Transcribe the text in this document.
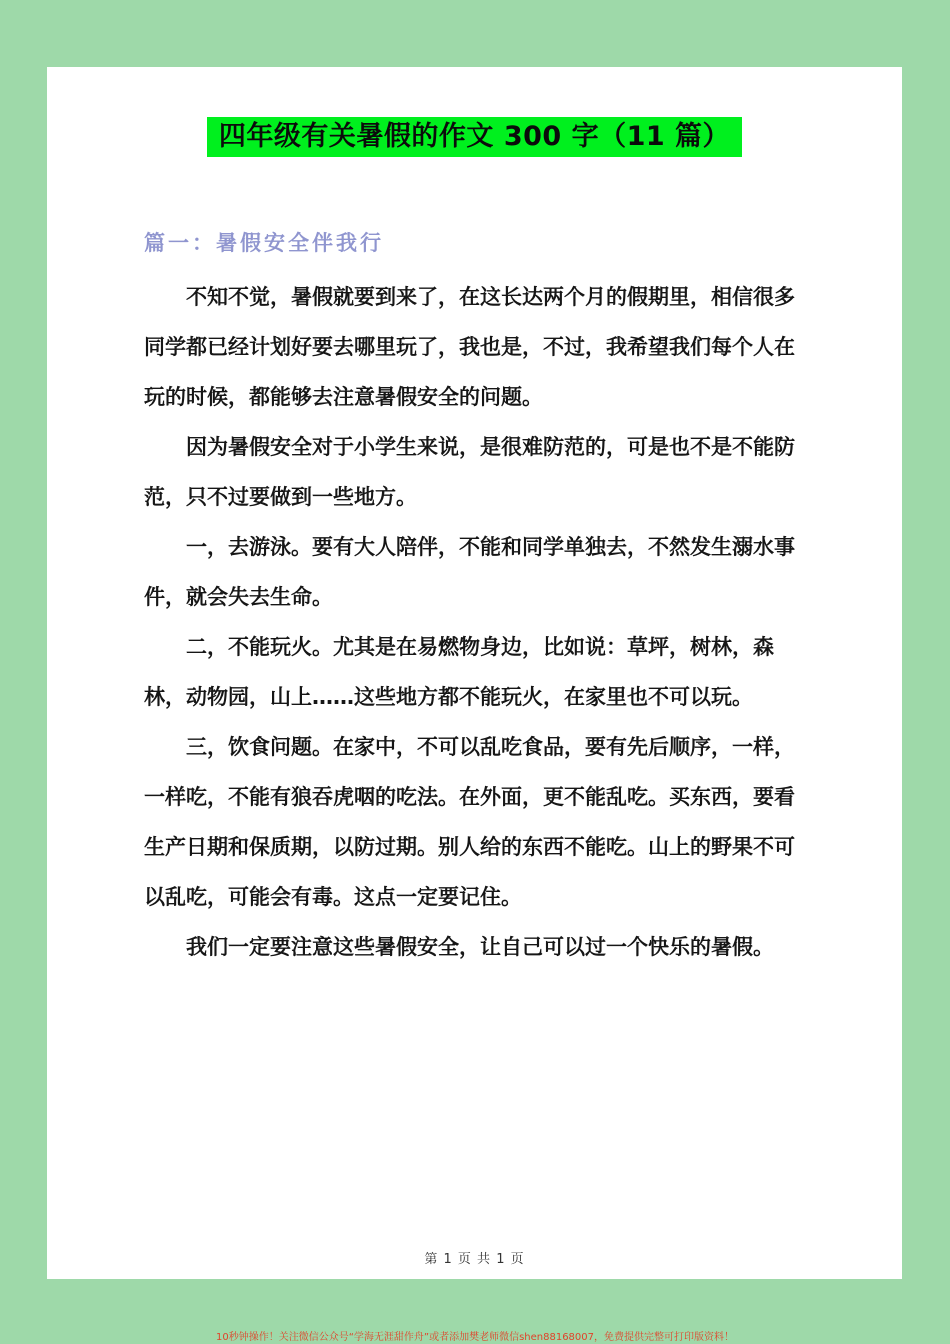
四年级有关暑假的作文 300 字（11 篇）
篇一：暑假安全伴我行

不知不觉，暑假就要到来了，在这长达两个月的假期里，相信很多同学都已经计划好要去哪里玩了，我也是，不过，我希望我们每个人在玩的时候，都能够去注意暑假安全的问题。

因为暑假安全对于小学生来说，是很难防范的，可是也不是不能防范，只不过要做到一些地方。

一，去游泳。要有大人陪伴，不能和同学单独去，不然发生溺水事件，就会失去生命。

二，不能玩火。尤其是在易燃物身边，比如说：草坪，树林，森林，动物园，山上……这些地方都不能玩火，在家里也不可以玩。

三，饮食问题。在家中，不可以乱吃食品，要有先后顺序，一样，一样吃，不能有狼吞虎咽的吃法。在外面，更不能乱吃。买东西，要看生产日期和保质期，以防过期。别人给的东西不能吃。山上的野果不可以乱吃，可能会有毒。这点一定要记住。

我们一定要注意这些暑假安全，让自己可以过一个快乐的暑假。

第 1 页 共 1 页
10秒钟操作！关注微信公众号“学海无涯甜作舟”或者添加樊老师微信shen88168007，免费提供完整可打印版资料！
